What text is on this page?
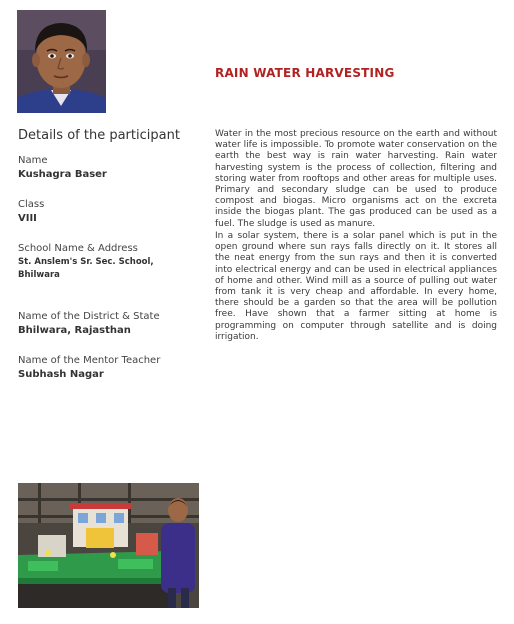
Details of the participant
Name
Kushagra Baser
Class
VIII
School Name & Address
St. Anslem's Sr. Sec. School,
Bhilwara
Name of the District & State
Bhilwara, Rajasthan
Name of the Mentor Teacher
Subhash Nagar
RAIN WATER HARVESTING
Water in the most precious resource on the earth and without water life is impossible. To promote water conservation on the earth the best way is rain water harvesting. Rain water harvesting system is the process of collection, filtering and storing water from rooftops and other areas for multiple uses. Primary and secondary sludge can be used to produce compost and biogas. Micro organisms act on the excreta inside the biogas plant. The gas produced can be used as a fuel. The sludge is used as manure.
In a solar system, there is a solar panel which is put in the open ground where sun rays falls directly on it. It stores all the neat energy from the sun rays and then it is converted into electrical energy and can be used in electrical appliances of home and other. Wind mill as a source of pulling out water from tank it is very cheap and affordable. In every home, there should be a garden so that the area will be pollution free. Have shown that a farmer sitting at home is programming on computer through satellite and is doing irrigation.
